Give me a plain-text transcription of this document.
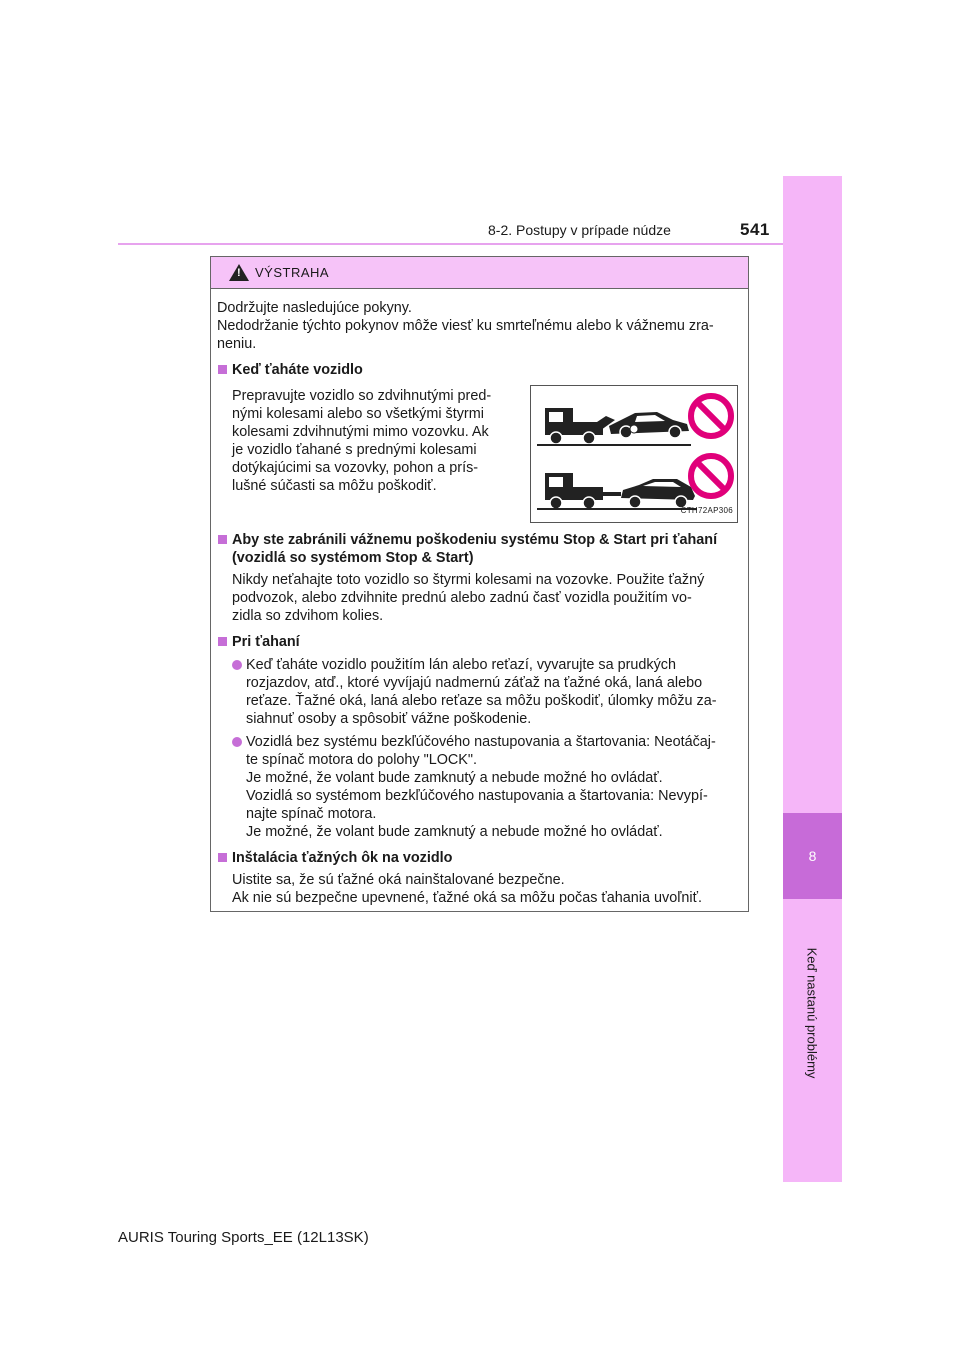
8-2. Postupy v prípade núdze	541
8
Keď nastanú problémy
!
VÝSTRAHA

Dodržujte nasledujúce pokyny.
Nedodržanie týchto pokynov môže viesť ku smrteľnému alebo k vážnemu zra-
neniu.

Keď ťaháte vozidlo

Prepravujte vozidlo so zdvihnutými pred-
nými kolesami alebo so všetkými štyrmi
kolesami zdvihnutými mimo vozovku. Ak
je vozidlo ťahané s prednými kolesami
dotýkajúcimi sa vozovky, pohon a prís-
lušné súčasti sa môžu poškodiť.

CTH72AP306

Aby ste zabránili vážnemu poškodeniu systému Stop & Start pri ťahaní
(vozidlá so systémom Stop & Start)

Nikdy neťahajte toto vozidlo so štyrmi kolesami na vozovke. Použite ťažný
podvozok, alebo zdvihnite prednú alebo zadnú časť vozidla použitím vo-
zidla so zdvihom kolies.

Pri ťahaní

Keď ťaháte vozidlo použitím lán alebo reťazí, vyvarujte sa prudkých
rozjazdov, atď., ktoré vyvíjajú nadmernú záťaž na ťažné oká, laná alebo
reťaze. Ťažné oká, laná alebo reťaze sa môžu poškodiť, úlomky môžu za-
siahnuť osoby a spôsobiť vážne poškodenie.

Vozidlá bez systému bezkľúčového nastupovania a štartovania: Neotáčaj-
te spínač motora do polohy "LOCK".
Je možné, že volant bude zamknutý a nebude možné ho ovládať.
Vozidlá so systémom bezkľúčového nastupovania a štartovania: Nevypí-
najte spínač motora.
Je možné, že volant bude zamknutý a nebude možné ho ovládať.

Inštalácia ťažných ôk na vozidlo

Uistite sa, že sú ťažné oká nainštalované bezpečne.
Ak nie sú bezpečne upevnené, ťažné oká sa môžu počas ťahania uvoľniť.

AURIS Touring Sports_EE (12L13SK)
